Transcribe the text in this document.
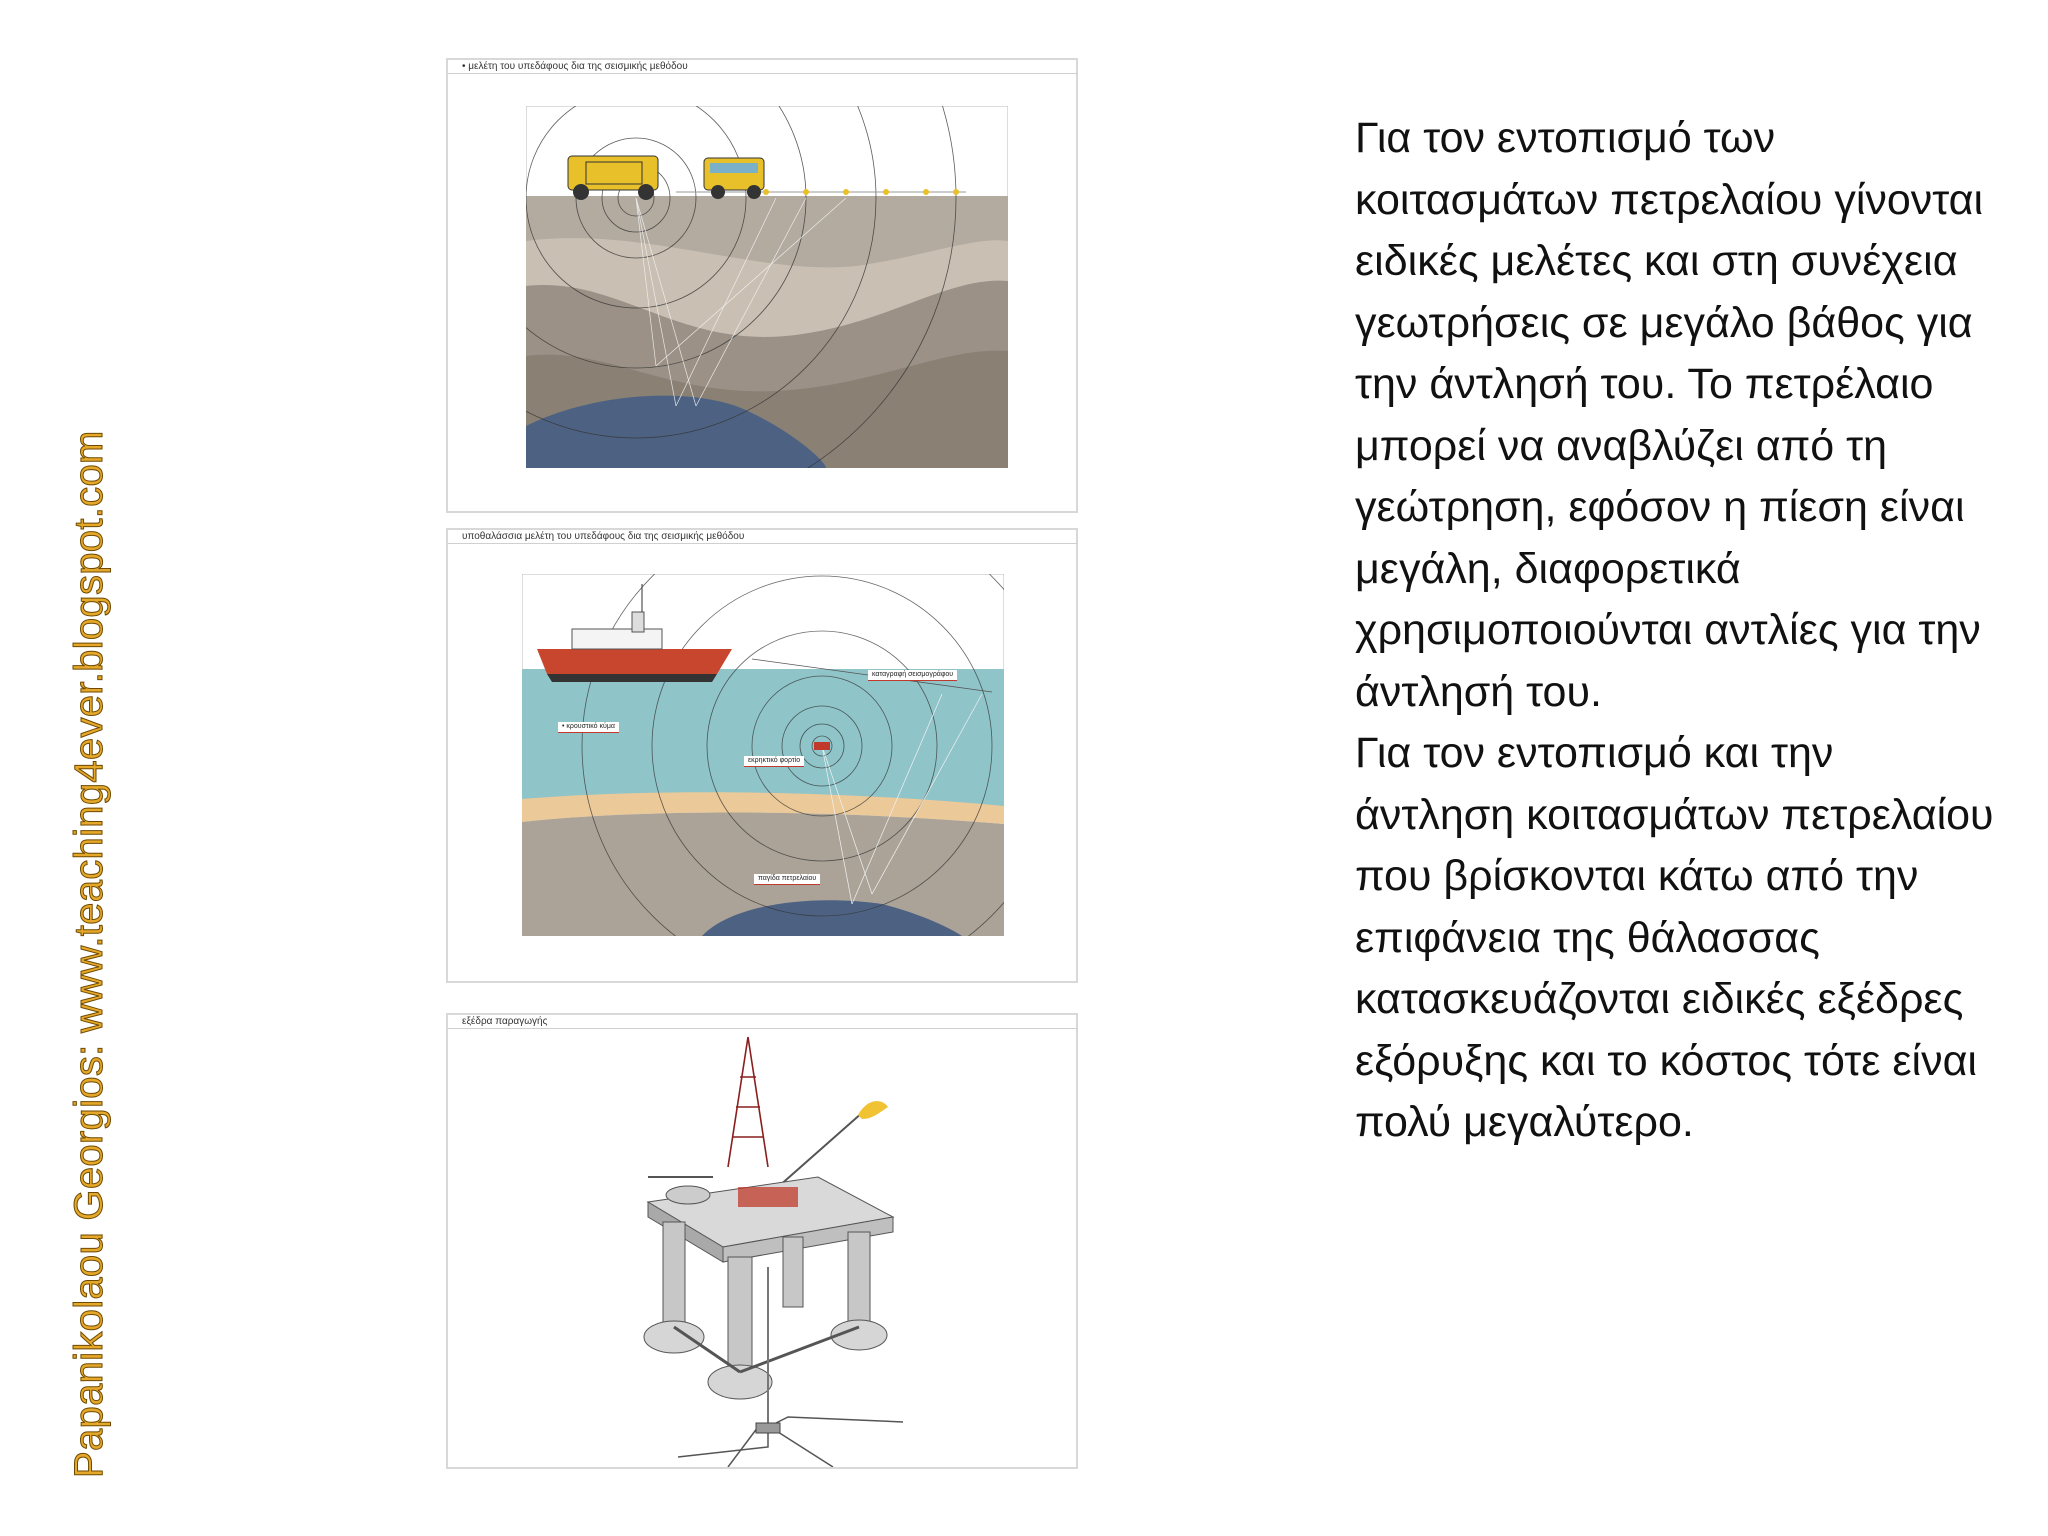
Papanikolaou Georgios: www.teaching4ever.blogspot.com
• μελέτη του υπεδάφους δια της σεισμικής μεθόδου
υποθαλάσσια μελέτη του υπεδάφους δια της σεισμικής μεθόδου
καταγραφή σεισμογράφου
• κρουστικό κύμα
εκρηκτικό φορτίο
παγίδα πετρελαίου
εξέδρα παραγωγής

Για τον εντοπισμό των κοιτασμάτων πετρελαίου γίνονται ειδικές μελέτες και στη συνέχεια γεωτρήσεις σε μεγάλο βάθος για την άντλησή του. Το πετρέλαιο μπορεί να αναβλύζει από τη γεώτρηση, εφόσον η πίεση είναι μεγάλη, διαφορετικά χρησιμοποιούνται αντλίες για την άντλησή του.

Για τον εντοπισμό και την άντληση κοιτασμάτων πετρελαίου που βρίσκονται κάτω από την επιφάνεια της θάλασσας κατασκευάζονται ειδικές εξέδρες εξόρυξης και το κόστος τότε είναι πολύ μεγαλύτερο.
